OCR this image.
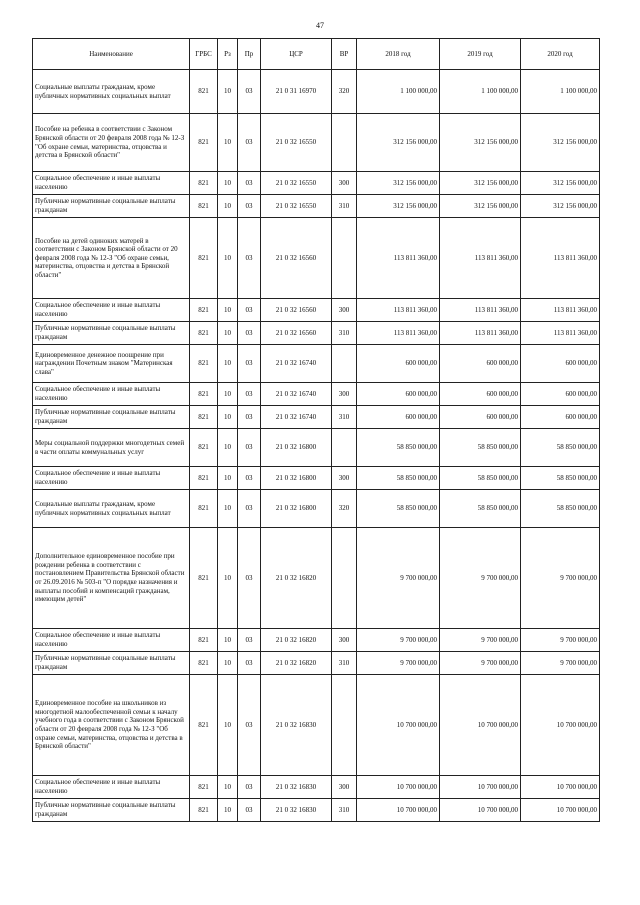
47
Наименование	ГРБС	Рз	Пр	ЦСР	ВР	2018 год	2019 год	2020 год
Социальные выплаты гражданам, кроме публичных нормативных социальных выплат	821	10	03	21 0 31 16970	320	1 100 000,00	1 100 000,00	1 100 000,00
Пособие на ребенка в соответствии с Законом Брянской области от 20 февраля 2008 года № 12-З "Об охране семьи, материнства, отцовства и детства в Брянской области"	821	10	03	21 0 32 16550		312 156 000,00	312 156 000,00	312 156 000,00
Социальное обеспечение и иные выплаты населению	821	10	03	21 0 32 16550	300	312 156 000,00	312 156 000,00	312 156 000,00
Публичные нормативные социальные выплаты гражданам	821	10	03	21 0 32 16550	310	312 156 000,00	312 156 000,00	312 156 000,00
Пособие на детей одиноких матерей в соответствии с Законом Брянской области от 20 февраля 2008 года № 12-З "Об охране семьи, материнства, отцовства и детства в Брянской области"	821	10	03	21 0 32 16560		113 811 360,00	113 811 360,00	113 811 360,00
Социальное обеспечение и иные выплаты населению	821	10	03	21 0 32 16560	300	113 811 360,00	113 811 360,00	113 811 360,00
Публичные нормативные социальные выплаты гражданам	821	10	03	21 0 32 16560	310	113 811 360,00	113 811 360,00	113 811 360,00
Единовременное денежное поощрение при награждении Почетным знаком "Материнская слава"	821	10	03	21 0 32 16740		600 000,00	600 000,00	600 000,00
Социальное обеспечение и иные выплаты населению	821	10	03	21 0 32 16740	300	600 000,00	600 000,00	600 000,00
Публичные нормативные социальные выплаты гражданам	821	10	03	21 0 32 16740	310	600 000,00	600 000,00	600 000,00
Меры социальной поддержки многодетных семей в части оплаты коммунальных услуг	821	10	03	21 0 32 16800		58 850 000,00	58 850 000,00	58 850 000,00
Социальное обеспечение и иные выплаты населению	821	10	03	21 0 32 16800	300	58 850 000,00	58 850 000,00	58 850 000,00
Социальные выплаты гражданам, кроме публичных нормативных социальных выплат	821	10	03	21 0 32 16800	320	58 850 000,00	58 850 000,00	58 850 000,00
Дополнительное единовременное пособие при рождении ребенка в соответствии с постановлением Правительства Брянской области от 26.09.2016 № 503-п "О порядке назначения и выплаты пособий и компенсаций гражданам, имеющим детей"	821	10	03	21 0 32 16820		9 700 000,00	9 700 000,00	9 700 000,00
Социальное обеспечение и иные выплаты населению	821	10	03	21 0 32 16820	300	9 700 000,00	9 700 000,00	9 700 000,00
Публичные нормативные социальные выплаты гражданам	821	10	03	21 0 32 16820	310	9 700 000,00	9 700 000,00	9 700 000,00
Единовременное пособие на школьников из многодетной малообеспеченной семьи к началу учебного года в соответствии с Законом Брянской области от 20 февраля 2008 года № 12-З "Об охране семьи, материнства, отцовства и детства в Брянской области"	821	10	03	21 0 32 16830		10 700 000,00	10 700 000,00	10 700 000,00
Социальное обеспечение и иные выплаты населению	821	10	03	21 0 32 16830	300	10 700 000,00	10 700 000,00	10 700 000,00
Публичные нормативные социальные выплаты гражданам	821	10	03	21 0 32 16830	310	10 700 000,00	10 700 000,00	10 700 000,00
